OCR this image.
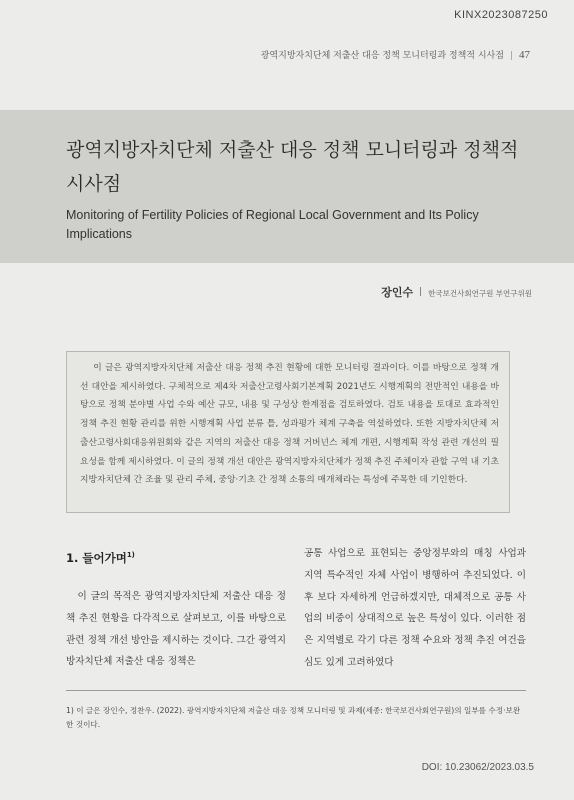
KINX2023087250
광역지방자치단체 저출산 대응 정책 모니터링과 정책적 시사점 | 47
광역지방자치단체 저출산 대응 정책 모니터링과 정책적 시사점
Monitoring of Fertility Policies of Regional Local Government and Its Policy Implications
장인수 한국보건사회연구원 부연구위원
이 글은 광역지방자치단체 저출산 대응 정책 추진 현황에 대한 모니터링 결과이다. 이를 바탕으로 정책 개선 대안을 제시하였다. 구체적으로 제4차 저출산고령사회기본계획 2021년도 시행계획의 전반적인 내용을 바탕으로 정책 분야별 사업 수와 예산 규모, 내용 및 구성상 한계점을 검토하였다. 검토 내용을 토대로 효과적인 정책 추진 현황 관리를 위한 시행계획 사업 분류 틀, 성과평가 체계 구축을 역설하였다. 또한 지방자치단체 저출산고령사회대응위원회와 같은 지역의 저출산 대응 정책 거버넌스 체계 개편, 시행계획 작성 관련 개선의 필요성을 함께 제시하였다. 이 글의 정책 개선 대안은 광역지방자치단체가 정책 추진 주체이자 관할 구역 내 기초지방자치단체 간 조율 및 관리 주체, 중앙·기초 간 정책 소통의 매개체라는 특성에 주목한 데 기인한다.
1. 들어가며$^{1)}$
이 글의 목적은 광역지방자치단체 저출산 대응 정책 추진 현황을 다각적으로 살펴보고, 이를 바탕으로 관련 정책 개선 방안을 제시하는 것이다. 그간 광역지방자치단체 저출산 대응 정책은
공통 사업으로 표현되는 중앙정부와의 매칭 사업과 지역 특수적인 자체 사업이 병행하여 추진되었다. 이후 보다 자세하게 언급하겠지만, 대체적으로 공통 사업의 비중이 상대적으로 높은 특성이 있다. 이러한 점은 지역별로 각기 다른 정책 수요와 정책 추진 여건을 심도 있게 고려하였다
1) 이 글은 장인수, 정찬우. (2022). 광역지방자치단체 저출산 대응 정책 모니터링 및 과제(세종: 한국보건사회연구원)의 일부를 수정·보완한 것이다.
DOI: 10.23062/2023.03.5
